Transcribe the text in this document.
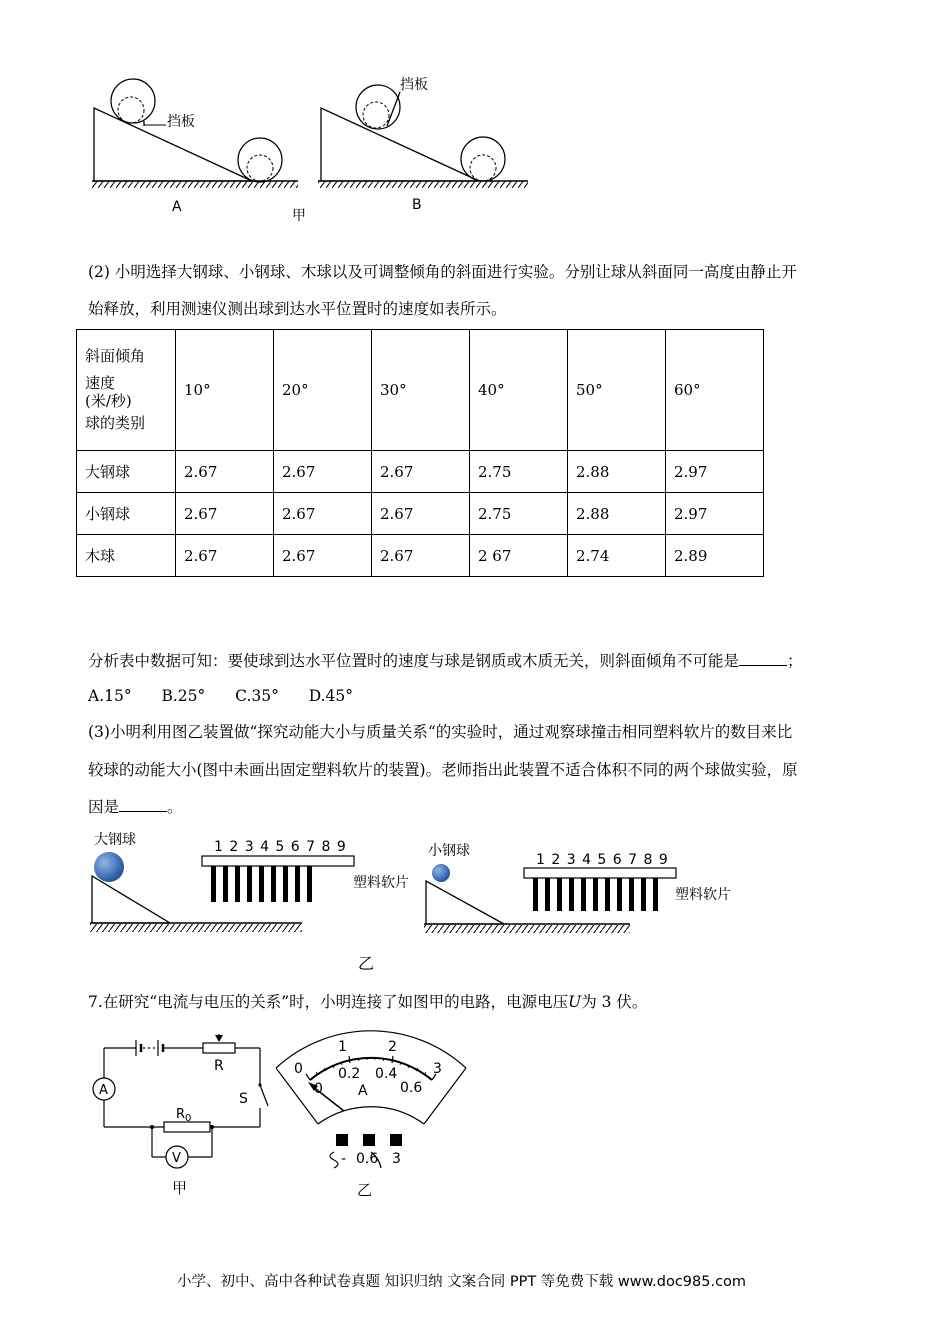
挡板
A
挡板
B
甲
(2) 小明选择大钢球、小钢球、木球以及可调整倾角的斜面进行实验。分别让球从斜面同一高度由静止开
始释放，利用测速仪测出球到达水平位置时的速度如表所示。
斜面倾角
速度
(米/秒)
球的类别	10°	20°	30°	40°	50°	60°
大钢球	2.67	2.67	2.67	2.75	2.88	2.97
小钢球	2.67	2.67	2.67	2.75	2.88	2.97
木球	2.67	2.67	2.67	2 67	2.74	2.89
分析表中数据可知：要使球到达水平位置时的速度与球是钢质或木质无关，则斜面倾角不可能是	；
A.15° B.25° C.35° D.45°
(3)小明利用图乙装置做“探究动能大小与质量关系“的实验时，通过观察球撞击相同塑料软片的数目来比
较球的动能大小(图中未画出固定塑料软片的装置)。老师指出此装置不适合体积不同的两个球做实验，原
因是	。
大钢球	1 2 3 4 5 6 7 8 9
塑料软片
小钢球
1 2 3 4 5 6 7 8 9
塑料软片
乙
7.在研究“电流与电压的关系”时，小明连接了如图甲的电路，电源电压U为 3 伏。
A
V
R
S
$R_0$
甲
0
1	2
3
0
0.2 0.4
0.6
A
- 0.6 3
乙
小学、初中、高中各种试卷真题 知识归纳 文案合同 PPT 等免费下载 www.doc985.com
